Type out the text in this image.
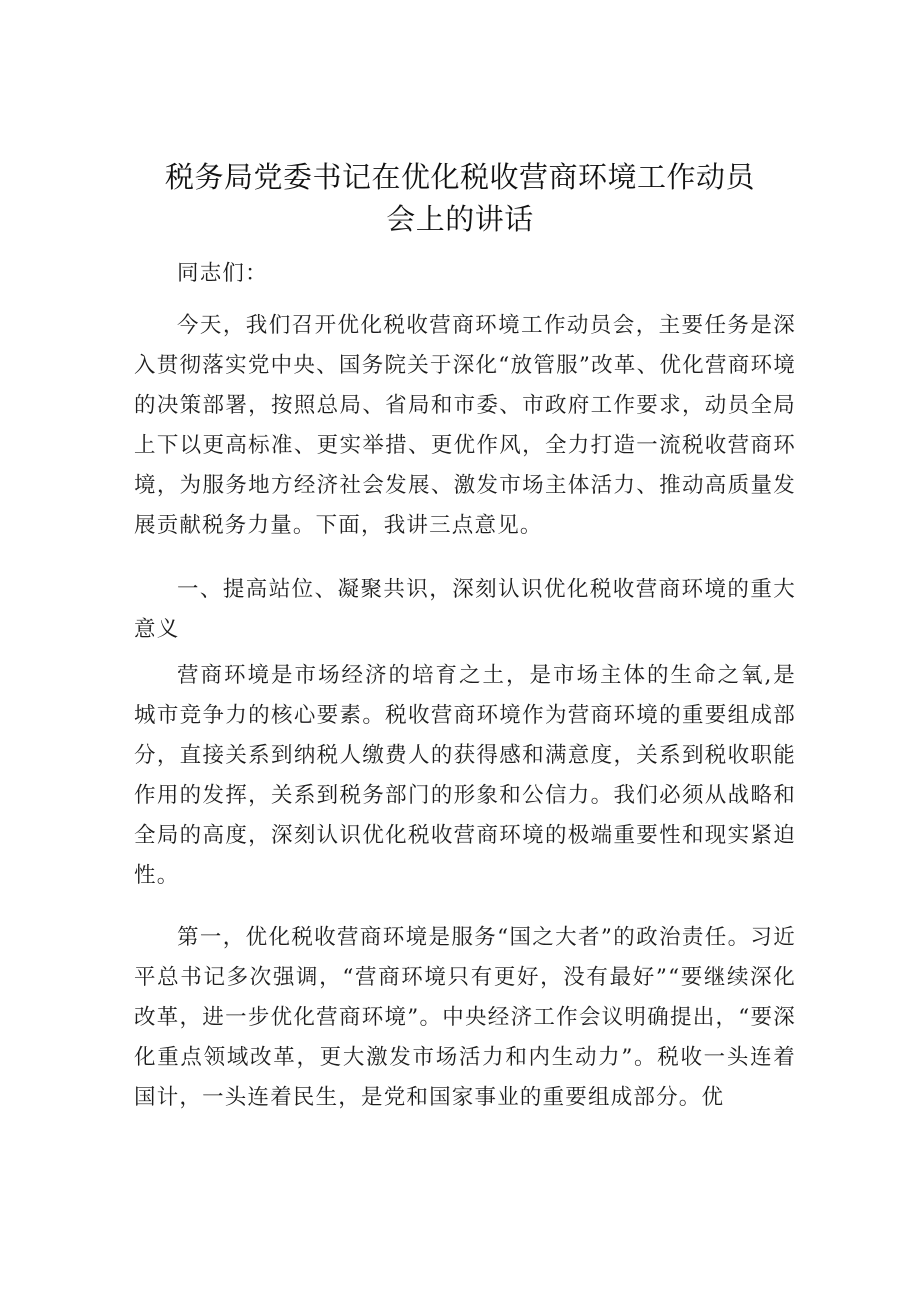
税务局党委书记在优化税收营商环境工作动员
会上的讲话

同志们：

今天，我们召开优化税收营商环境工作动员会，主要任务是深入贯彻落实党中央、国务院关于深化“放管服”改革、优化营商环境的决策部署，按照总局、省局和市委、市政府工作要求，动员全局上下以更高标准、更实举措、更优作风，全力打造一流税收营商环境，为服务地方经济社会发展、激发市场主体活力、推动高质量发展贡献税务力量。下面，我讲三点意见。

一、提高站位、凝聚共识，深刻认识优化税收营商环境的重大意义

营商环境是市场经济的培育之土，是市场主体的生命之氧,是城市竞争力的核心要素。税收营商环境作为营商环境的重要组成部分，直接关系到纳税人缴费人的获得感和满意度，关系到税收职能作用的发挥，关系到税务部门的形象和公信力。我们必须从战略和全局的高度，深刻认识优化税收营商环境的极端重要性和现实紧迫性。

第一，优化税收营商环境是服务“国之大者”的政治责任。习近平总书记多次强调，“营商环境只有更好，没有最好”“要继续深化改革，进一步优化营商环境”。中央经济工作会议明确提出，“要深化重点领域改革，更大激发市场活力和内生动力”。税收一头连着国计，一头连着民生，是党和国家事业的重要组成部分。优
